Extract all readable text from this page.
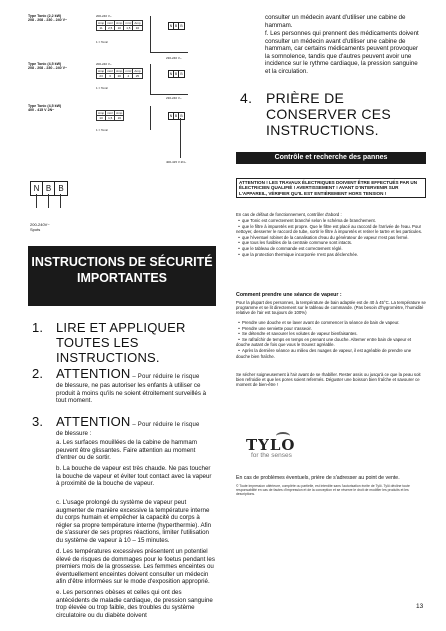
Type Tonic (2,2 kW)
208 - 208 - 230 - 240 V~
200-240 V~
Amp	mm²	Amp	mm²	Amp
11	2,5	10	1,5	16
1 = Tonic
N B B
230-240 V~
Type Tonic (4,5 kW)
208 - 208 - 230 - 240 V~
200-240 V~
Amp	mm²	Amp	mm²	Amp
23	6	20	4	25
1 = Tonic
N B B
230-240 V~
Type Tonic (4,5 kW)
400 - 415 V 2N~
Amp	mm²	Amp
10	1,5	16
1 = Tonic
N B B
400-415 V 2N~
N B B
200-240V~
Spots
INSTRUCTIONS DE SÉCURITÉ IMPORTANTES
1. LIRE ET APPLIQUER TOUTES LES INSTRUCTIONS.
2. ATTENTION – Pour réduire le risque
de blessure, ne pas autoriser les enfants à utiliser ce produit à moins qu'ils ne soient étroitement surveillés à tout moment.
3. ATTENTION – Pour réduire le risque
de blessure :
a. Les surfaces mouillées de la cabine de hammam peuvent être glissantes. Faire attention au moment d'entrer ou de sortir.
b. La bouche de vapeur est très chaude. Ne pas toucher la bouche de vapeur et éviter tout contact avec la vapeur à proximité de la bouche de vapeur.
c. L'usage prolongé du système de vapeur peut augmenter de manière excessive la température interne du corps humain et empêcher la capacité du corps à régler sa propre température interne (hyperthermie). Afin de s'assurer de ses propres réactions, limiter l'utilisation du système de vapeur à 10 – 15 minutes.
d. Les températures excessives présentent un potentiel élevé de risques de dommages pour le foetus pendant les premiers mois de la grossesse. Les femmes enceintes ou éventuellement enceintes doivent consulter un médecin afin d'être informées sur le mode d'exposition approprié.
e. Les personnes obèses et celles qui ont des antécédents de maladie cardiaque, de pression sanguine trop élevée ou trop faible, des troubles du système circulatoire ou du diabète doivent
consulter un médecin avant d'utiliser une cabine de hammam.
f. Les personnes qui prennent des médicaments doivent consulter un médecin avant d'utiliser une cabine de hammam, car certains médicaments peuvent provoquer la somnolence, tandis que d'autres peuvent avoir une incidence sur le rythme cardiaque, la pression sanguine et la circulation.
4. PRIÈRE DE CONSERVER CES INSTRUCTIONS.
Contrôle et recherche des pannes
ATTENTION ! LES TRAVAUX ÉLECTRIQUES DOIVENT ÊTRE EFFECTUÉS PAR UN ÉLECTRICIEN QUALIFIÉ ! AVERTISSEMENT ! AVANT D'INTERVENIR SUR L'APPAREIL, VÉRIFIER QU'IL EST ENTIÈREMENT HORS TENSION !
En cas de défaut de fonctionnement, contrôler d'abord :
• que Tonic est correctement branché selon le schéma de branchement.
• que le filtre à impuretés est propre. Que le filtre est placé au raccord de l'arrivée de l'eau. Pour nettoyer, desserrer le raccord de tube, sortir le filtre à impuretés et retirer le tartre et les particules.
• que l'éventuel robinet de la canalisation d'eau du générateur de vapeur n'est pas fermé.
• que tous les fusibles de la centrale commune sont intacts.
• que le tableau de commande est correctement réglé.
• que la protection thermique incorporée n'est pas déclenchée.
Comment prendre une séance de vapeur :
Pour la plupart des personnes, la température de bain adaptée est de 40 à 45°C. La température se programme et se lit directement sur le tableau de commande. (Pas besoin d'hygromètre, l'humidité relative de l'air est toujours de 100%)
• Prendre une douche et se laver avant de commencer la séance de bain de vapeur.
• Prendre une serviette pour s'asseoir.
• Se détendre et savourer les volutes de vapeur bienfaisantes.
• Se rafraîchir de temps en temps en prenant une douche. Alterner entre bain de vapeur et douche autant de fois que vous le trouvez agréable.
• Après la dernière séance au milieu des nuages de vapeur, il est agréable de prendre une douche bien fraîche.
Se sécher soigneusement à l'air avant de se rhabiller. Rester assis ou jusqu'à ce que la peau soit bien refroidie et que les pores soient refermés. Déguster une boisson bien fraîche et savourer ce moment de bien-être !
TYLO
for the senses
En cas de problèmes éventuels, prière de s'adresser au point de vente.
© Toute impression ultérieure, complète ou partielle, est interdite sans l'autorisation écrite de Tylö. Tylö décline toute responsabilité en cas de fautes d'impression et de la conception et se réserve le droit de modifier les produits et les descriptions.
13
